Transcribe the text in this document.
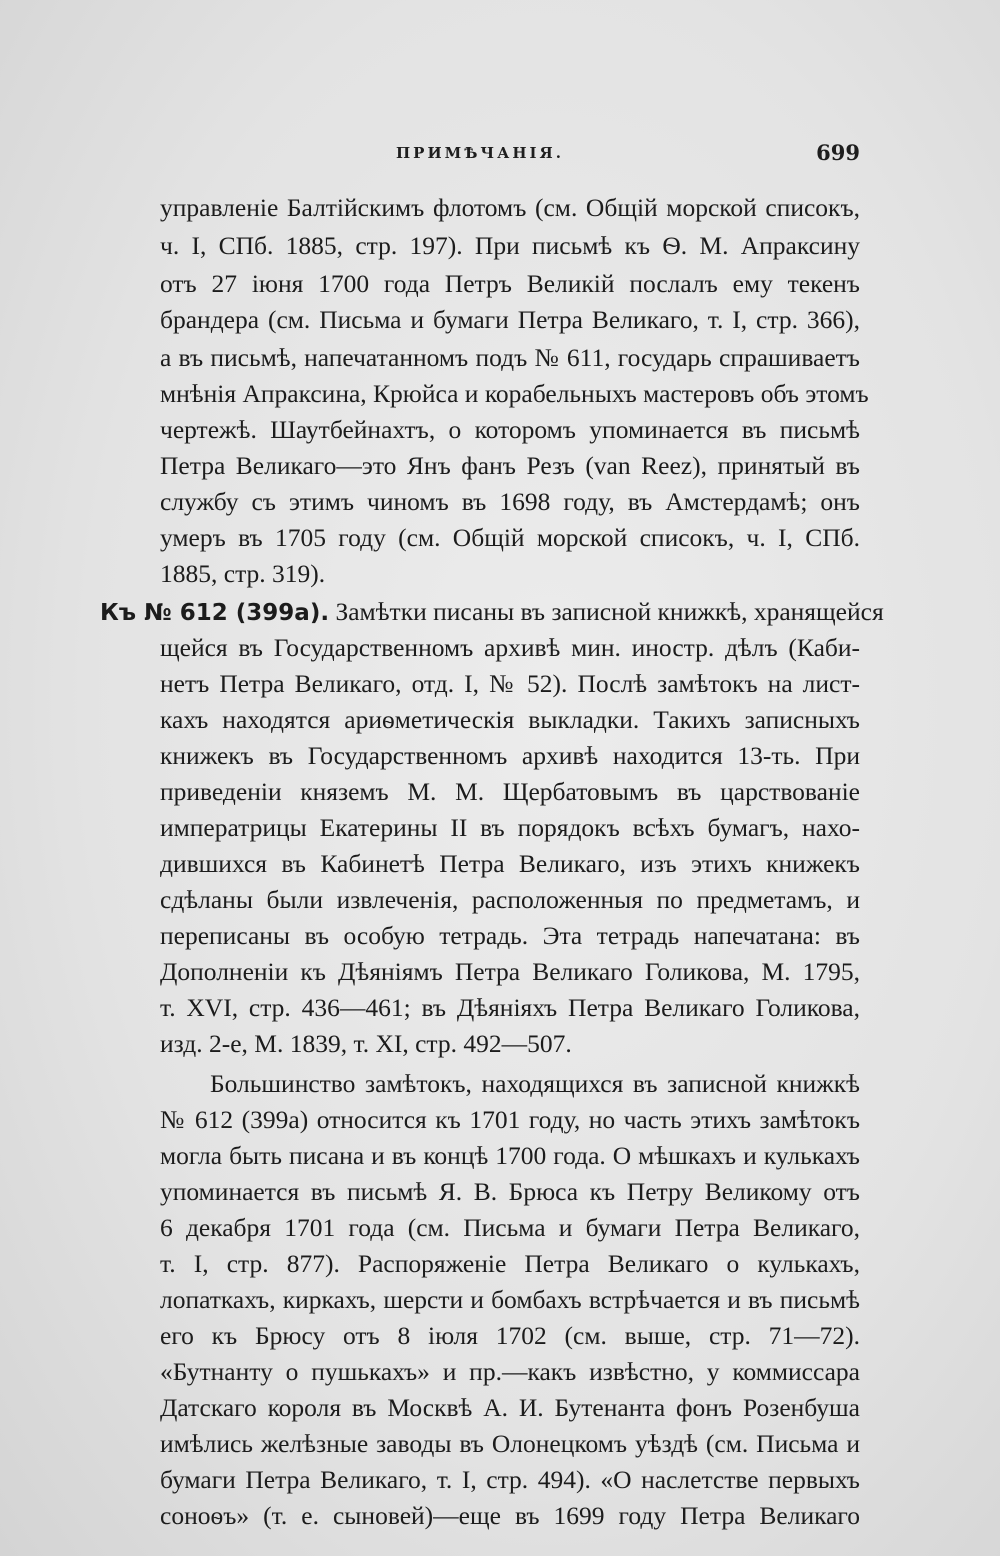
ПРИМѢЧАНІЯ.	699
управленіе Балтійскимъ флотомъ (см. Общій морской списокъ,
ч. I, СПб. 1885, стр. 197). При письмѣ къ Ѳ. М. Апраксину
отъ 27 іюня 1700 года Петръ Великій послалъ ему текенъ
брандера (см. Письма и бумаги Петра Великаго, т. I, стр. 366),
а въ письмѣ, напечатанномъ подъ № 611, государь спрашиваетъ
мнѣнія Апраксина, Крюйса и корабельныхъ мастеровъ объ этомъ
чертежѣ. Шаутбейнахтъ, о которомъ упоминается въ письмѣ
Петра Великаго—это Янъ фанъ Резъ (van Reez), принятый въ
службу съ этимъ чиномъ въ 1698 году, въ Амстердамѣ; онъ
умеръ въ 1705 году (см. Общій морской списокъ, ч. I, СПб.
1885, стр. 319).
Къ № 612 (399а). Замѣтки писаны въ записной книжкѣ, хранящейся
щейся въ Государственномъ архивѣ мин. иностр. дѣлъ (Каби-
нетъ Петра Великаго, отд. I, № 52). Послѣ замѣтокъ на лист-
кахъ находятся ариѳметическія выкладки. Такихъ записныхъ
книжекъ въ Государственномъ архивѣ находится 13-ть. При
приведеніи княземъ М. М. Щербатовымъ въ царствованіе
императрицы Екатерины II въ порядокъ всѣхъ бумагъ, нахо-
дившихся въ Кабинетѣ Петра Великаго, изъ этихъ книжекъ
сдѣланы были извлеченія, расположенныя по предметамъ, и
переписаны въ особую тетрадь. Эта тетрадь напечатана: въ
Дополненіи къ Дѣяніямъ Петра Великаго Голикова, М. 1795,
т. XVI, стр. 436—461; въ Дѣяніяхъ Петра Великаго Голикова,
изд. 2-е, М. 1839, т. XI, стр. 492—507.
Большинство замѣтокъ, находящихся въ записной книжкѣ
№ 612 (399а) относится къ 1701 году, но часть этихъ замѣтокъ
могла быть писана и въ концѣ 1700 года. О мѣшкахъ и кулькахъ
упоминается въ письмѣ Я. В. Брюса къ Петру Великому отъ
6 декабря 1701 года (см. Письма и бумаги Петра Великаго,
т. I, стр. 877). Распоряженіе Петра Великаго о кулькахъ,
лопаткахъ, киркахъ, шерсти и бомбахъ встрѣчается и въ письмѣ
его къ Брюсу отъ 8 іюля 1702 (см. выше, стр. 71—72).
«Бутнанту о пушькахъ» и пр.—какъ извѣстно, у коммиссара
Датскаго короля въ Москвѣ А. И. Бутенанта фонъ Розенбуша
имѣлись желѣзные заводы въ Олонецкомъ уѣздѣ (см. Письма и
бумаги Петра Великаго, т. I, стр. 494). «О наслетстве первыхъ
соноѳъ» (т. е. сыновей)—еще въ 1699 году Петра Великаго
